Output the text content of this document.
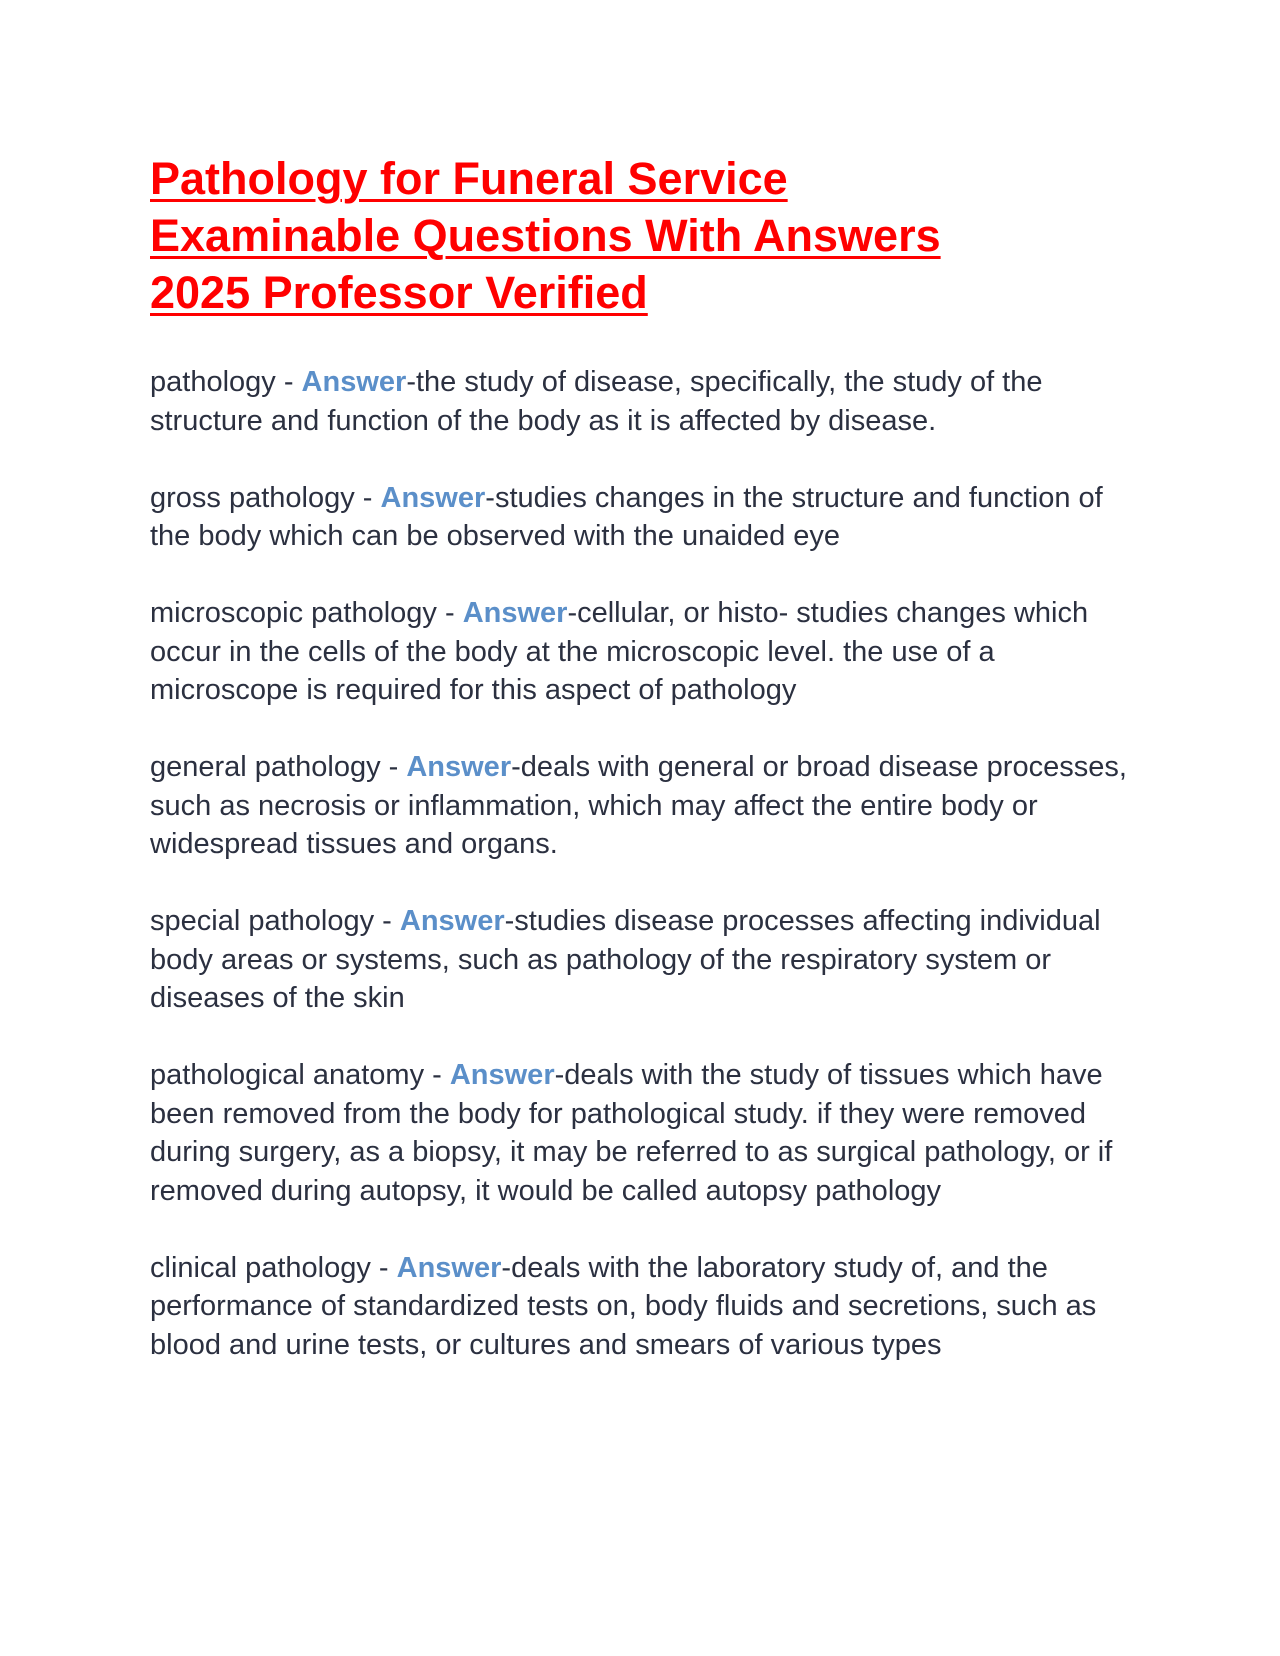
Pathology for Funeral Service
Examinable Questions With Answers
2025 Professor Verified

pathology - Answer-the study of disease, specifically, the study of the structure and function of the body as it is affected by disease.

gross pathology - Answer-studies changes in the structure and function of the body which can be observed with the unaided eye

microscopic pathology - Answer-cellular, or histo- studies changes which occur in the cells of the body at the microscopic level. the use of a microscope is required for this aspect of pathology

general pathology - Answer-deals with general or broad disease processes, such as necrosis or inflammation, which may affect the entire body or widespread tissues and organs.

special pathology - Answer-studies disease processes affecting individual body areas or systems, such as pathology of the respiratory system or diseases of the skin

pathological anatomy - Answer-deals with the study of tissues which have been removed from the body for pathological study. if they were removed during surgery, as a biopsy, it may be referred to as surgical pathology, or if removed during autopsy, it would be called autopsy pathology

clinical pathology - Answer-deals with the laboratory study of, and the performance of standardized tests on, body fluids and secretions, such as blood and urine tests, or cultures and smears of various types
